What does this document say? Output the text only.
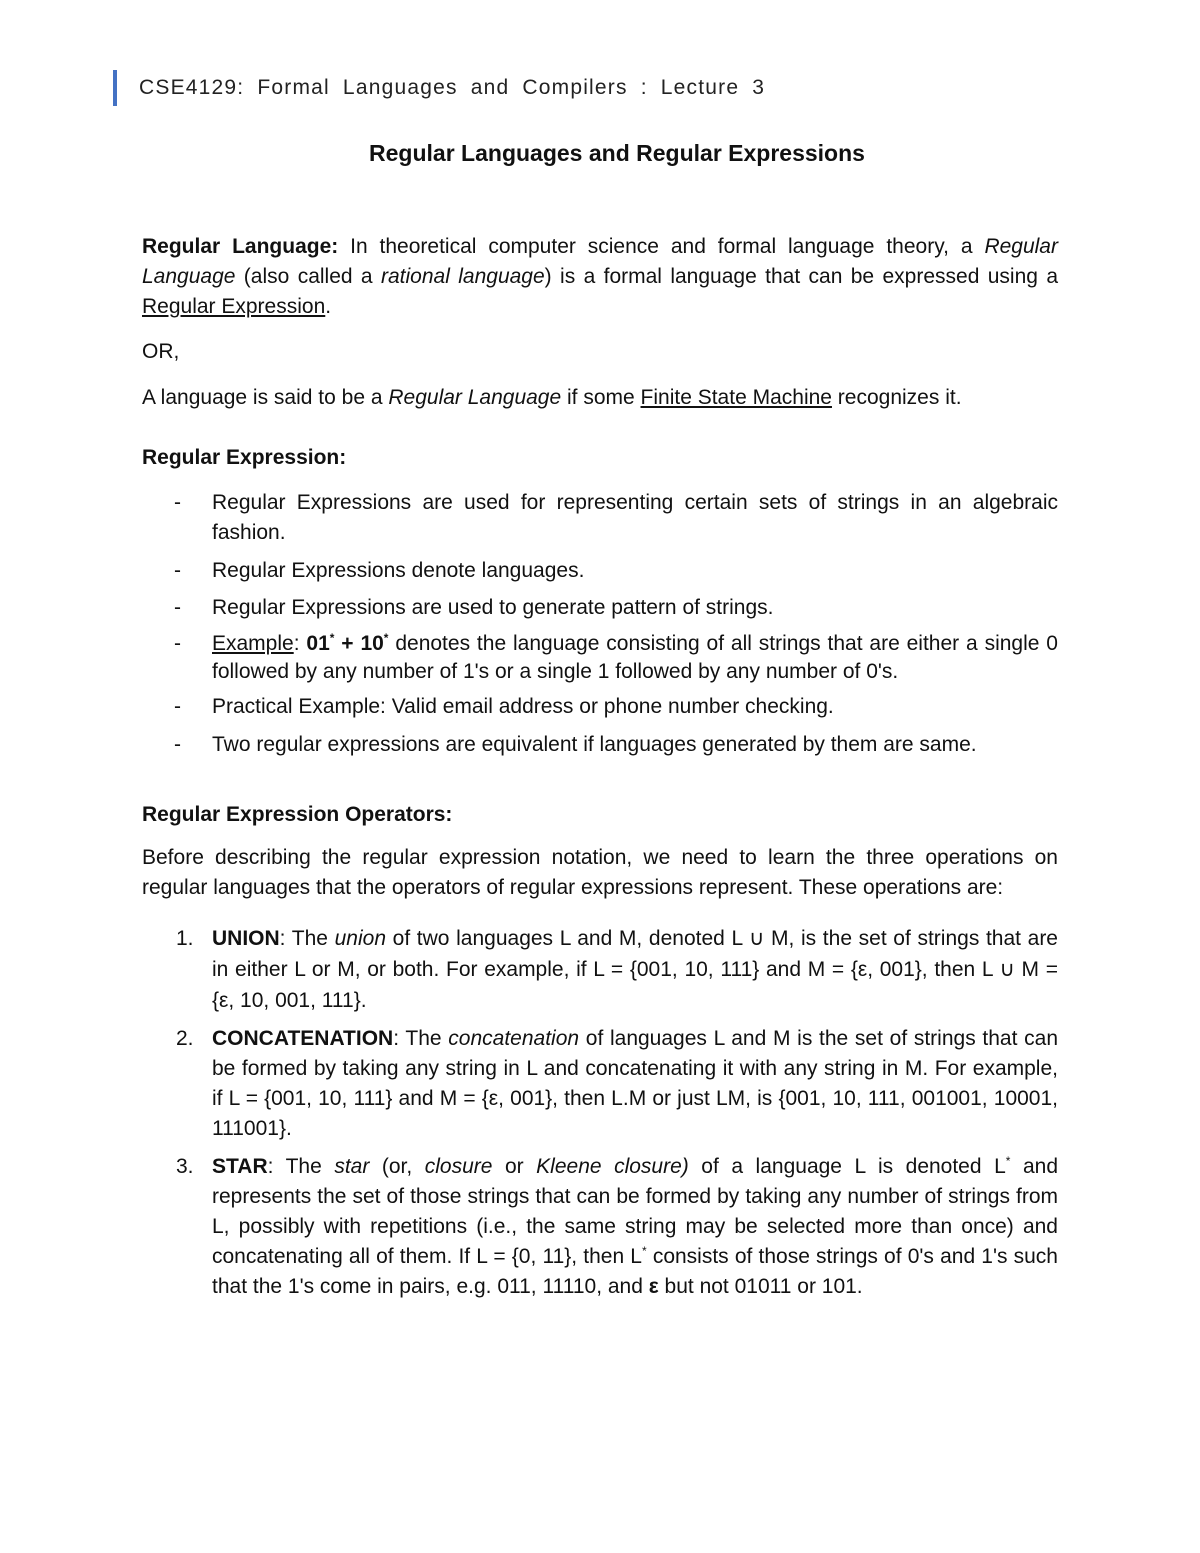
CSE4129: Formal Languages and Compilers : Lecture 3
Regular Languages and Regular Expressions

Regular Language: In theoretical computer science and formal language theory, a Regular Language (also called a rational language) is a formal language that can be expressed using a Regular Expression.

OR,

A language is said to be a Regular Language if some Finite State Machine recognizes it.

Regular Expression:

- Regular Expressions are used for representing certain sets of strings in an algebraic fashion.
- Regular Expressions denote languages.
- Regular Expressions are used to generate pattern of strings.
- Example: 01* + 10* denotes the language consisting of all strings that are either a single 0 followed by any number of 1's or a single 1 followed by any number of 0's.
- Practical Example: Valid email address or phone number checking.
- Two regular expressions are equivalent if languages generated by them are same.

Regular Expression Operators:

Before describing the regular expression notation, we need to learn the three operations on regular languages that the operators of regular expressions represent. These operations are:

1. UNION: The union of two languages L and M, denoted L ∪ M, is the set of strings that are in either L or M, or both. For example, if L = {001, 10, 111} and M = {ε, 001}, then L ∪ M = {ε, 10, 001, 111}.
2. CONCATENATION: The concatenation of languages L and M is the set of strings that can be formed by taking any string in L and concatenating it with any string in M. For example, if L = {001, 10, 111} and M = {ε, 001}, then L.M or just LM, is {001, 10, 111, 001001, 10001, 111001}.
3. STAR: The star (or, closure or Kleene closure) of a language L is denoted L* and represents the set of those strings that can be formed by taking any number of strings from L, possibly with repetitions (i.e., the same string may be selected more than once) and concatenating all of them. If L = {0, 11}, then L* consists of those strings of 0's and 1's such that the 1's come in pairs, e.g. 011, 11110, and ε but not 01011 or 101.
